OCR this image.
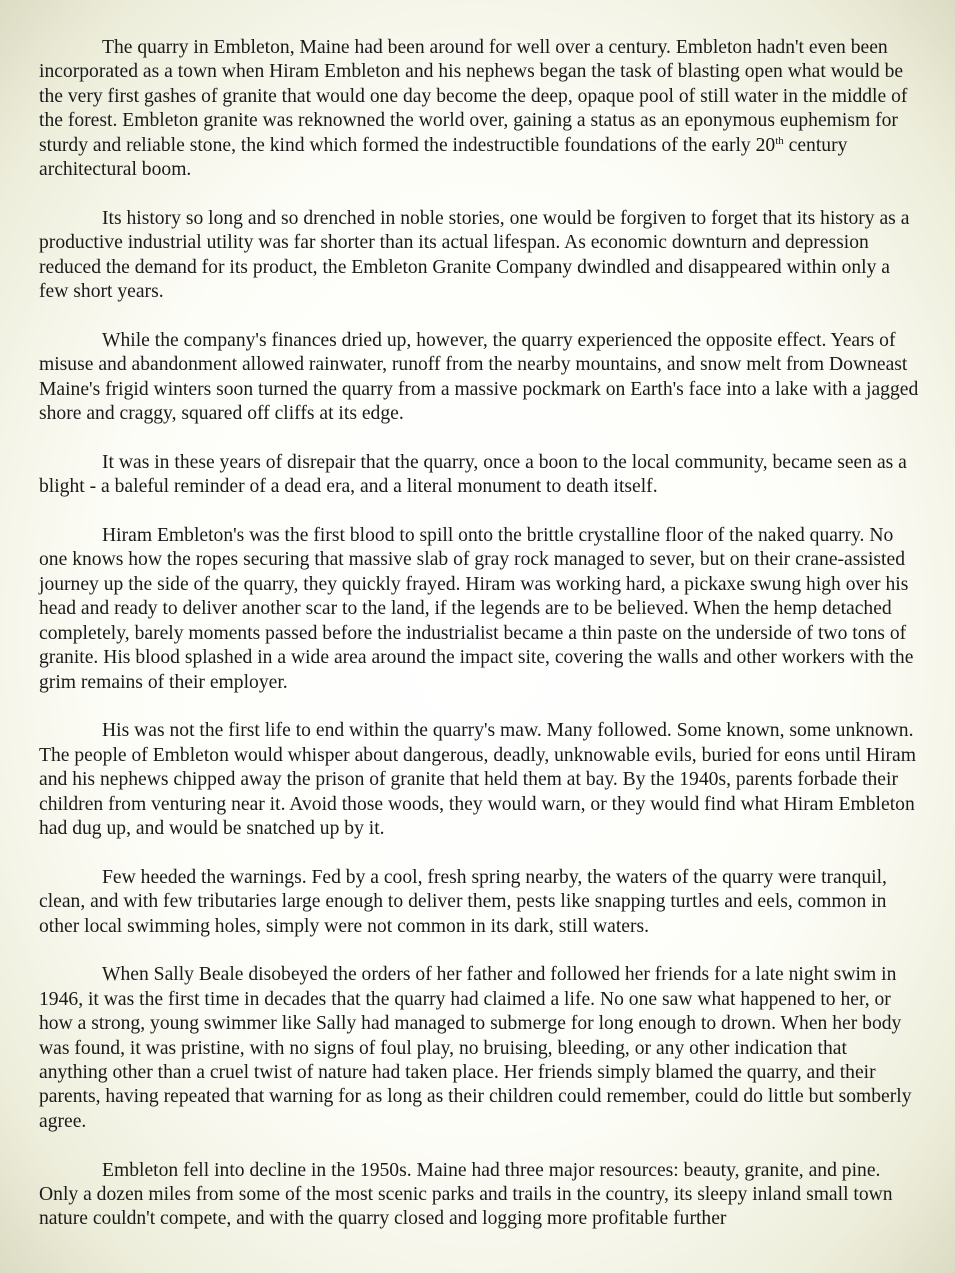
The quarry in Embleton, Maine had been around for well over a century. Embleton hadn't even been incorporated as a town when Hiram Embleton and his nephews began the task of blasting open what would be the very first gashes of granite that would one day become the deep, opaque pool of still water in the middle of the forest. Embleton granite was reknowned the world over, gaining a status as an eponymous euphemism for sturdy and reliable stone, the kind which formed the indestructible foundations of the early 20th century architectural boom.

Its history so long and so drenched in noble stories, one would be forgiven to forget that its history as a productive industrial utility was far shorter than its actual lifespan. As economic downturn and depression reduced the demand for its product, the Embleton Granite Company dwindled and disappeared within only a few short years.

While the company's finances dried up, however, the quarry experienced the opposite effect. Years of misuse and abandonment allowed rainwater, runoff from the nearby mountains, and snow melt from Downeast Maine's frigid winters soon turned the quarry from a massive pockmark on Earth's face into a lake with a jagged shore and craggy, squared off cliffs at its edge.

It was in these years of disrepair that the quarry, once a boon to the local community, became seen as a blight - a baleful reminder of a dead era, and a literal monument to death itself.

Hiram Embleton's was the first blood to spill onto the brittle crystalline floor of the naked quarry. No one knows how the ropes securing that massive slab of gray rock managed to sever, but on their crane-assisted journey up the side of the quarry, they quickly frayed. Hiram was working hard, a pickaxe swung high over his head and ready to deliver another scar to the land, if the legends are to be believed. When the hemp detached completely, barely moments passed before the industrialist became a thin paste on the underside of two tons of granite. His blood splashed in a wide area around the impact site, covering the walls and other workers with the grim remains of their employer.

His was not the first life to end within the quarry's maw. Many followed. Some known, some unknown. The people of Embleton would whisper about dangerous, deadly, unknowable evils, buried for eons until Hiram and his nephews chipped away the prison of granite that held them at bay. By the 1940s, parents forbade their children from venturing near it. Avoid those woods, they would warn, or they would find what Hiram Embleton had dug up, and would be snatched up by it.

Few heeded the warnings. Fed by a cool, fresh spring nearby, the waters of the quarry were tranquil, clean, and with few tributaries large enough to deliver them, pests like snapping turtles and eels, common in other local swimming holes, simply were not common in its dark, still waters.

When Sally Beale disobeyed the orders of her father and followed her friends for a late night swim in 1946, it was the first time in decades that the quarry had claimed a life. No one saw what happened to her, or how a strong, young swimmer like Sally had managed to submerge for long enough to drown. When her body was found, it was pristine, with no signs of foul play, no bruising, bleeding, or any other indication that anything other than a cruel twist of nature had taken place. Her friends simply blamed the quarry, and their parents, having repeated that warning for as long as their children could remember, could do little but somberly agree.

Embleton fell into decline in the 1950s. Maine had three major resources: beauty, granite, and pine. Only a dozen miles from some of the most scenic parks and trails in the country, its sleepy inland small town nature couldn't compete, and with the quarry closed and logging more profitable further
